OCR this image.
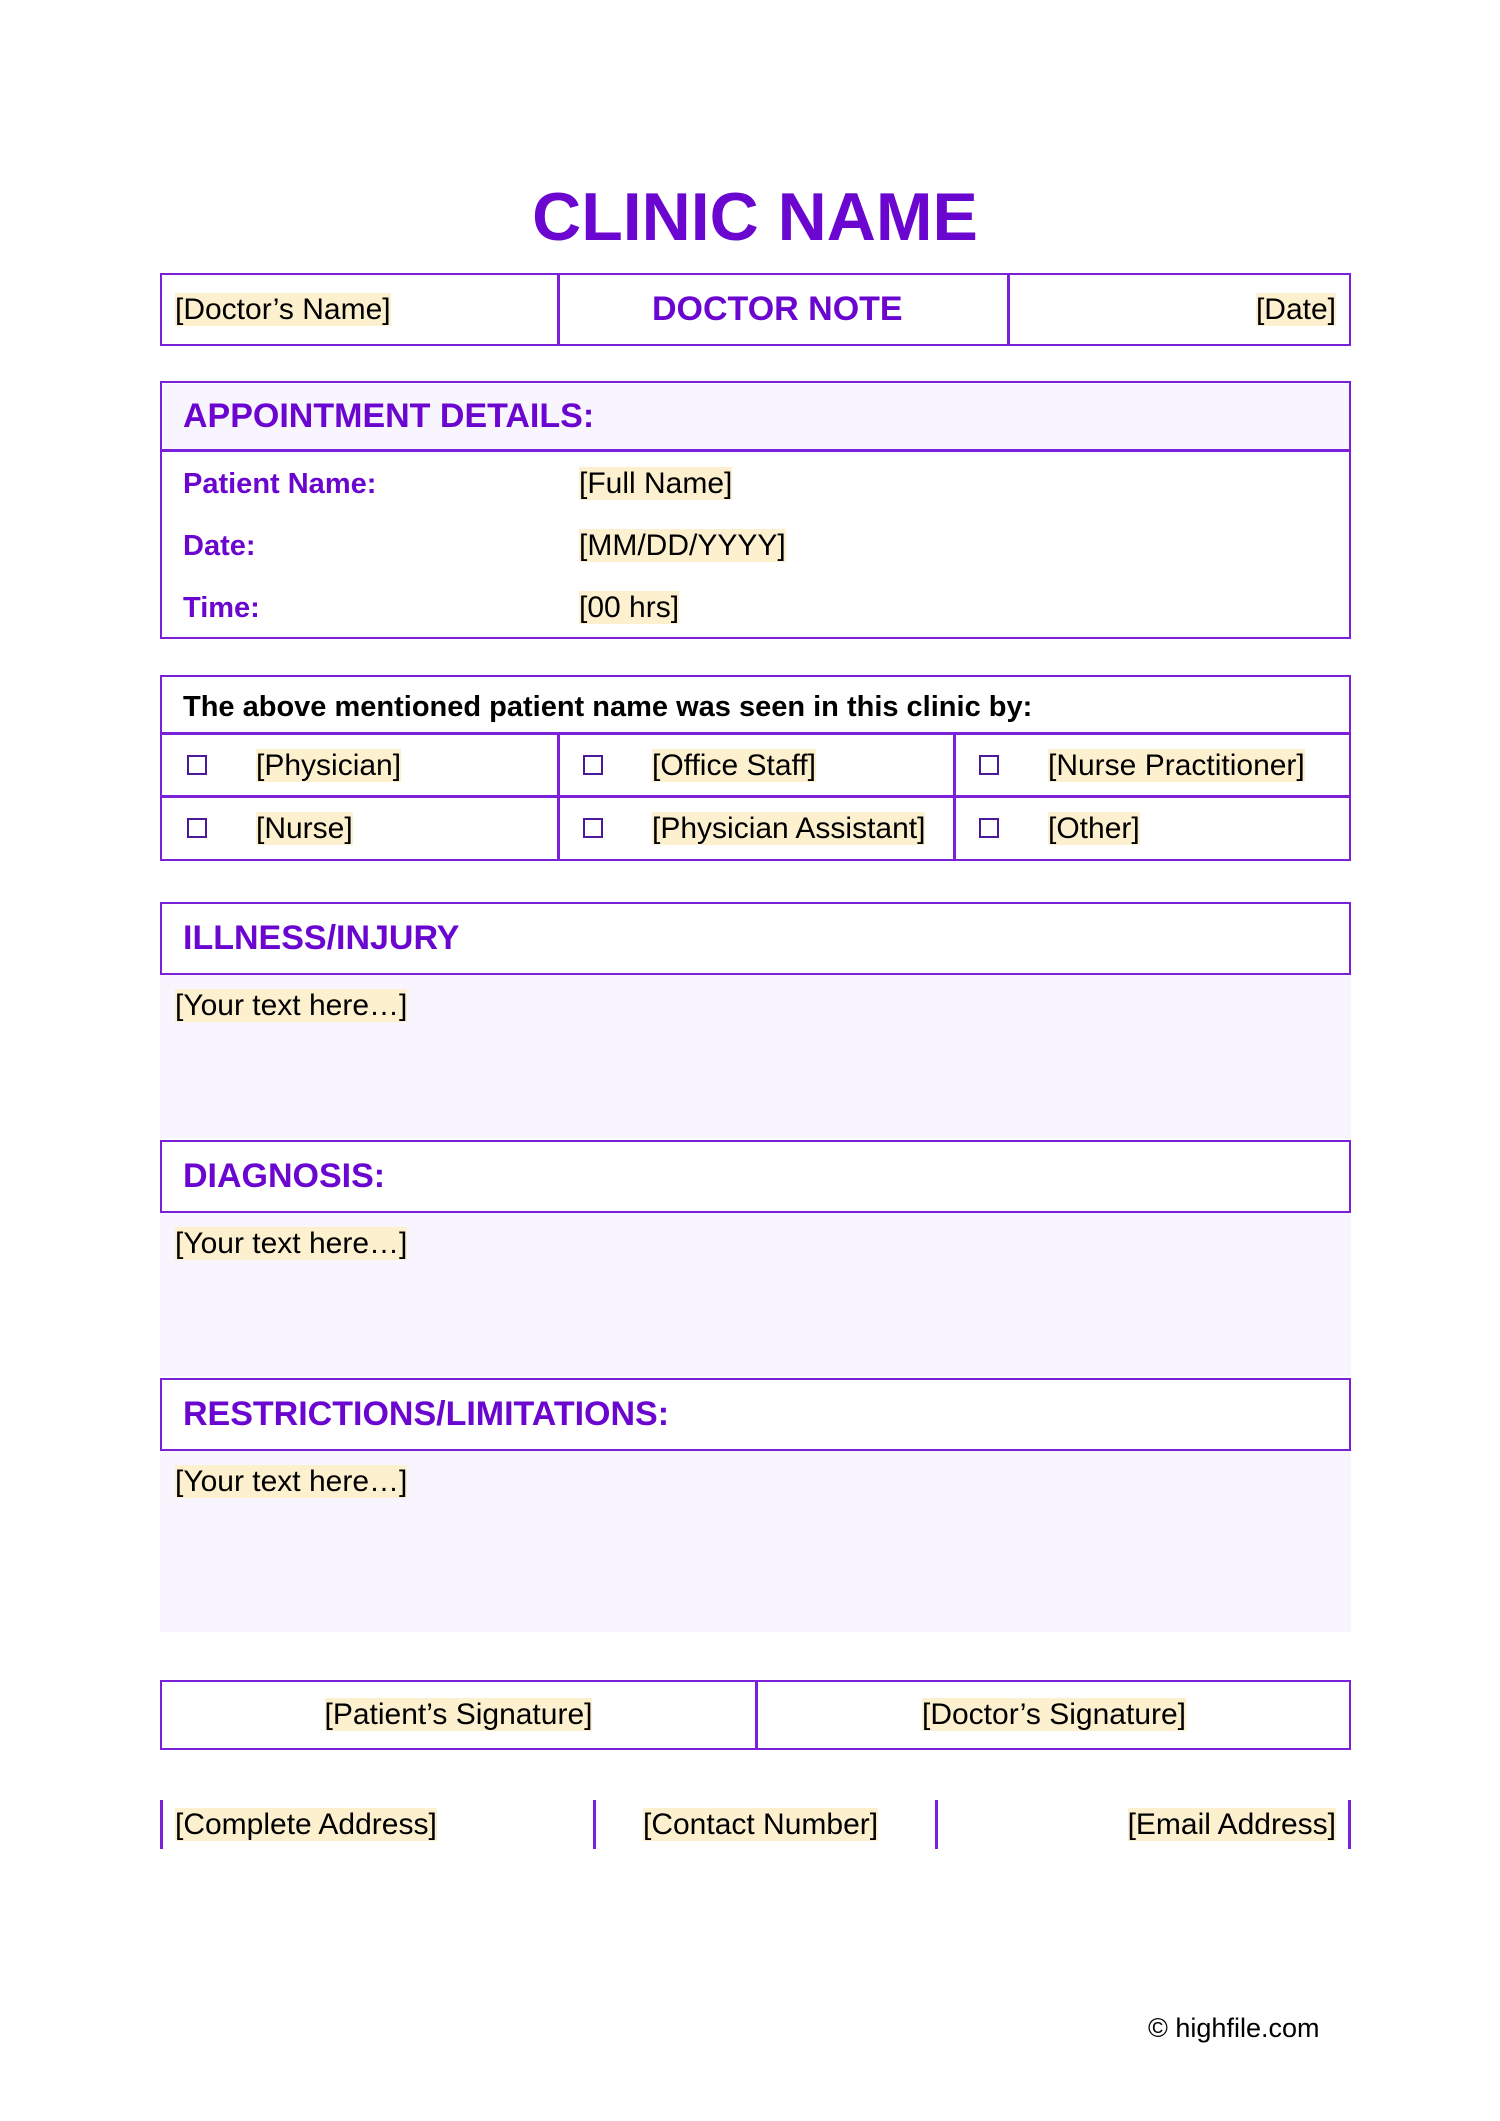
CLINIC NAME
[Doctor’s Name]	DOCTOR NOTE	[Date]
APPOINTMENT DETAILS:
Patient Name:	[Full Name]
Date:	[MM/DD/YYYY]
Time:	[00 hrs]
The above mentioned patient name was seen in this clinic by:
[Physician]	[Office Staff]	[Nurse Practitioner]
[Nurse]	[Physician Assistant]	[Other]
ILLNESS/INJURY
[Your text here…]
DIAGNOSIS:
[Your text here…]
RESTRICTIONS/LIMITATIONS:
[Your text here…]
[Patient’s Signature]	[Doctor’s Signature]
[Complete Address]	[Contact Number]	[Email Address]
© highfile.com
